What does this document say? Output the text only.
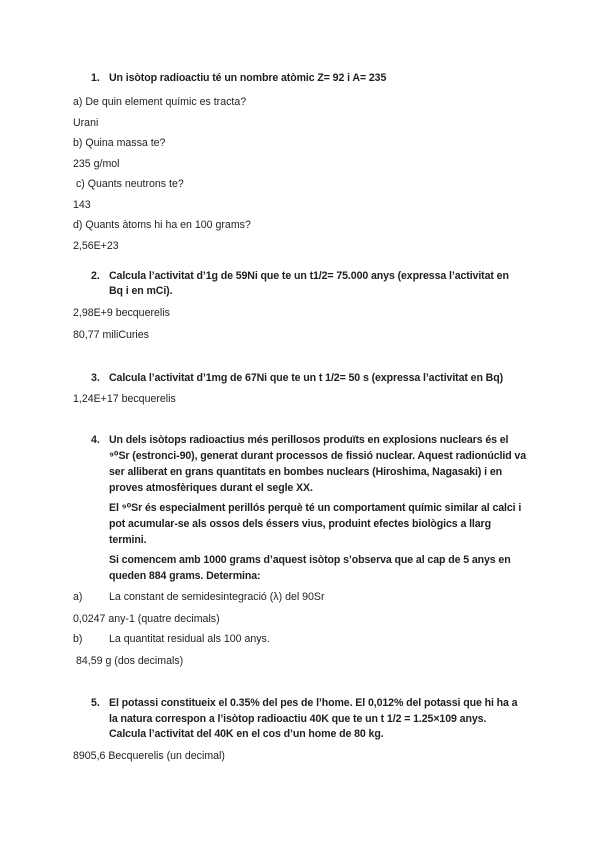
1. Un isòtop radioactiu té un nombre atòmic Z= 92 i A= 235
a) De quin element químic es tracta?
Urani
b) Quina massa te?
235 g/mol
c) Quants neutrons te?
143
d) Quants àtoms hi ha en 100 grams?
2,56E+23
2. Calcula l’activitat d’1g de 59Ni que te un t1/2= 75.000 anys (expressa l’activitat en
Bq i en mCi).
2,98E+9 becquerelis
80,77 miliCuries
3. Calcula l’activitat d’1mg de 67Ni que te un t 1/2= 50 s (expressa l’activitat en Bq)
1,24E+17 becquerelis
4. Un dels isòtops radioactius més perillosos produïts en explosions nuclears és el
⁹⁰Sr (estronci-90), generat durant processos de fissió nuclear. Aquest radionúclid va
ser alliberat en grans quantitats en bombes nuclears (Hiroshima, Nagasaki) i en
proves atmosfèriques durant el segle XX.
El ⁹⁰Sr és especialment perillós perquè té un comportament químic similar al calci i
pot acumular-se als ossos dels éssers vius, produint efectes biològics a llarg
termini.
Si comencem amb 1000 grams d’aquest isòtop s’observa que al cap de 5 anys en
queden 884 grams. Determina:
a)	La constant de semidesintegració (λ) del 90Sr
0,0247 any-1 (quatre decimals)
b)	La quantitat residual als 100 anys.
84,59 g (dos decimals)
5. El potassi constitueix el 0.35% del pes de l’home. El 0,012% del potassi que hi ha a
la natura correspon a l’isòtop radioactiu 40K que te un t 1/2 = 1.25×109 anys.
Calcula l’activitat del 40K en el cos d’un home de 80 kg.
8905,6 Becquerelis (un decimal)
